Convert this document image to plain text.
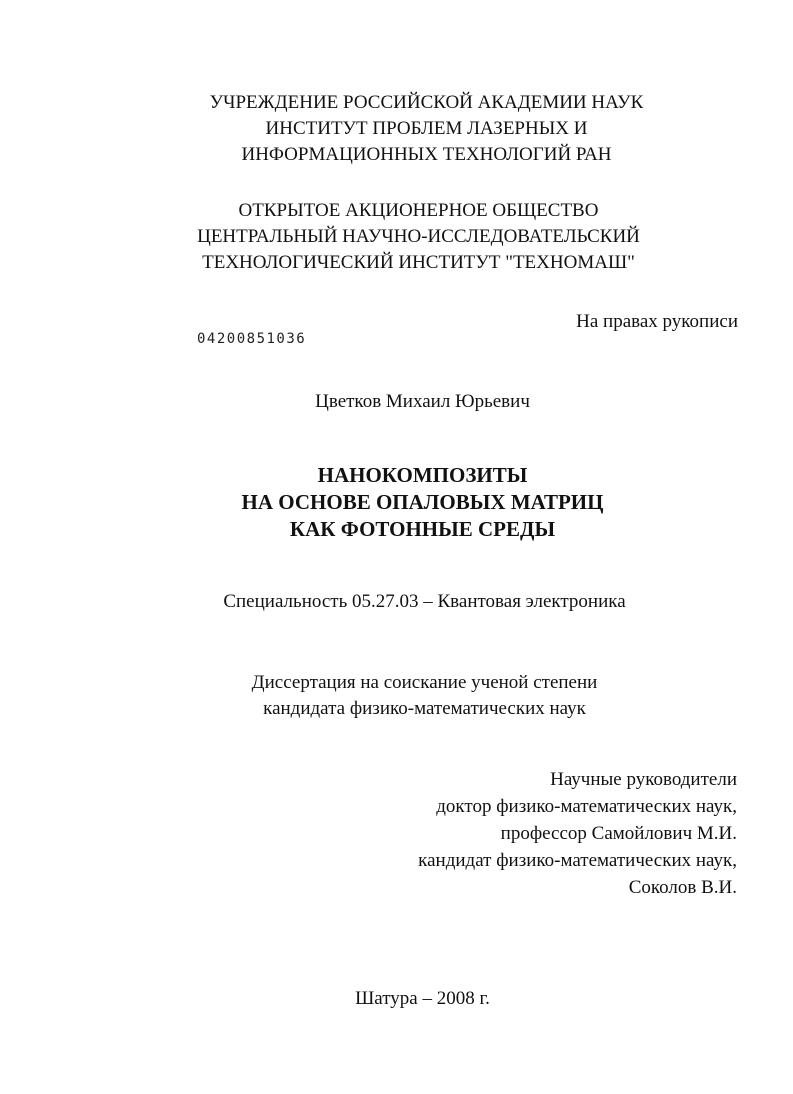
УЧРЕЖДЕНИЕ РОССИЙСКОЙ АКАДЕМИИ НАУК
ИНСТИТУТ ПРОБЛЕМ ЛАЗЕРНЫХ И
ИНФОРМАЦИОННЫХ ТЕХНОЛОГИЙ РАН
ОТКРЫТОЕ АКЦИОНЕРНОЕ ОБЩЕСТВО
ЦЕНТРАЛЬНЫЙ НАУЧНО-ИССЛЕДОВАТЕЛЬСКИЙ
ТЕХНОЛОГИЧЕСКИЙ ИНСТИТУТ "ТЕХНОМАШ"
На правах рукописи
04200851036
Цветков Михаил Юрьевич
НАНОКОМПОЗИТЫ
НА ОСНОВЕ ОПАЛОВЫХ МАТРИЦ
КАК ФОТОННЫЕ СРЕДЫ
Специальность 05.27.03 – Квантовая электроника
Диссертация на соискание ученой степени
кандидата физико-математических наук
Научные руководители
доктор физико-математических наук,
профессор Самойлович М.И.
кандидат физико-математических наук,
Соколов В.И.
Шатура – 2008 г.
